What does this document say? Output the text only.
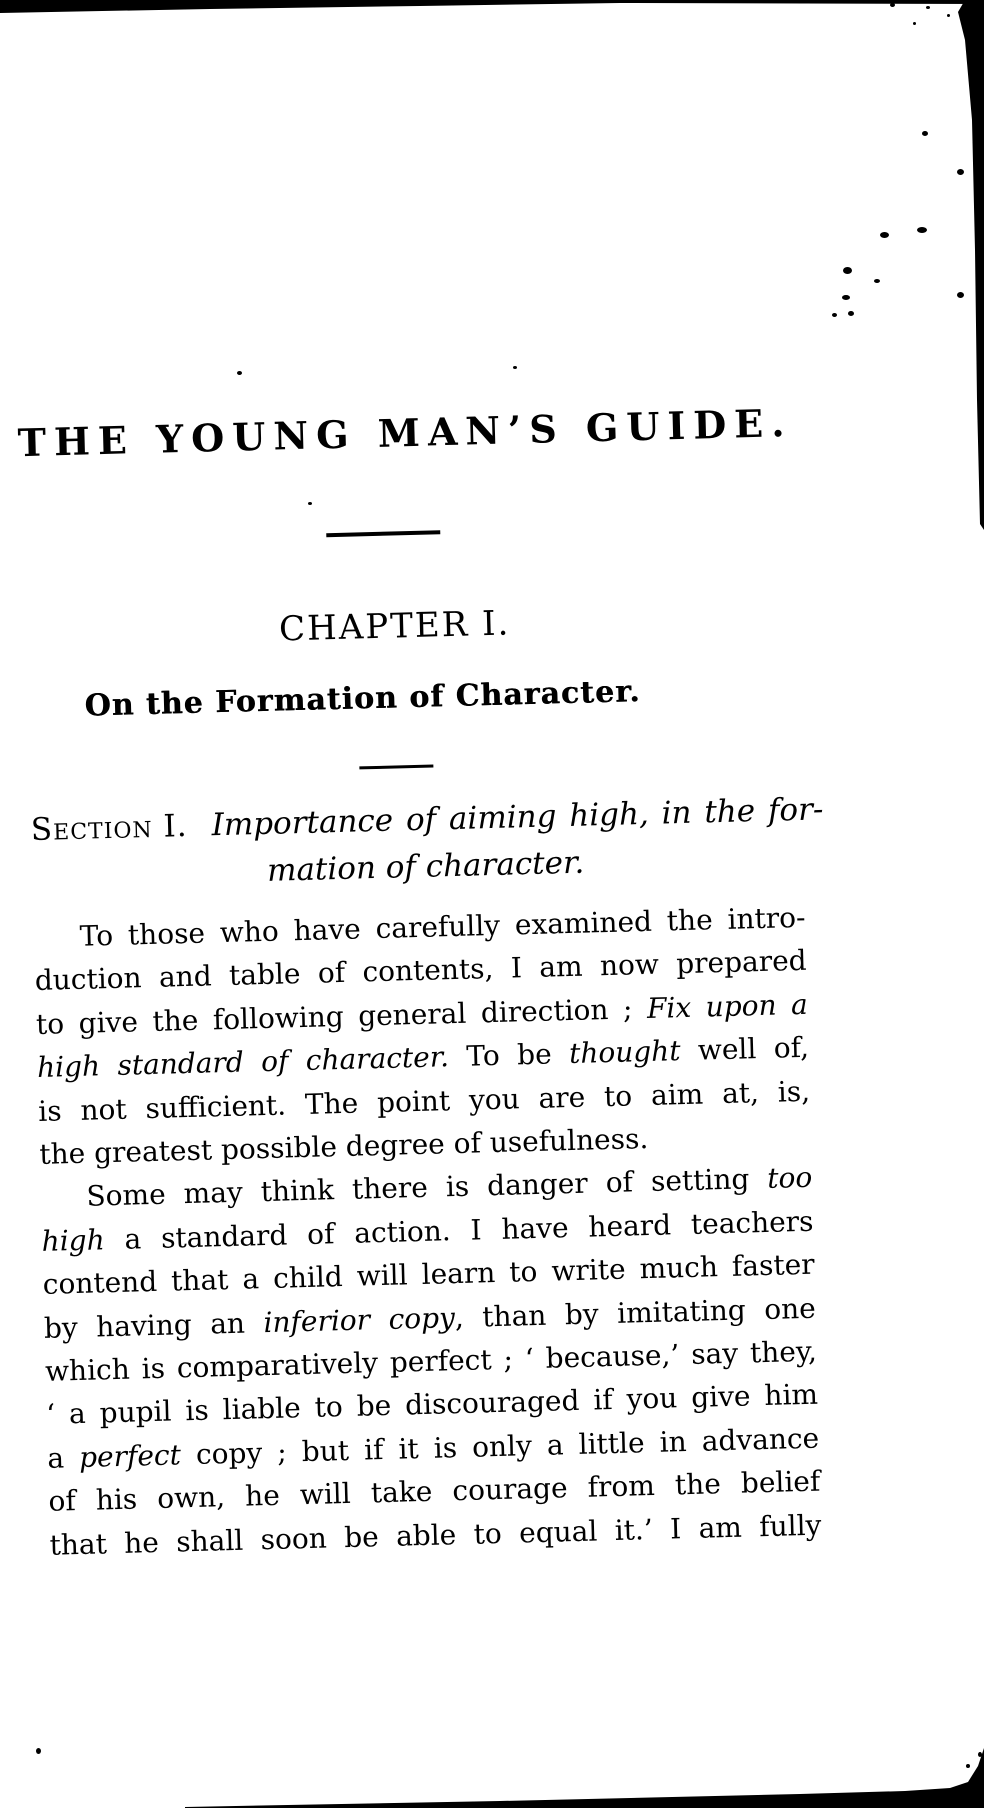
THE YOUNG MAN’S GUIDE.
CHAPTER I.
On the Formation of Character.
Section I. Importance of aiming high, in the for-
mation of character.
To those who have carefully examined the intro-
duction and table of contents, I am now prepared
to give the following general direction ; Fix upon a
high standard of character. To be thought well of,
is not sufficient. The point you are to aim at, is,
the greatest possible degree of usefulness.
Some may think there is danger of setting too
high a standard of action. I have heard teachers
contend that a child will learn to write much faster
by having an inferior copy, than by imitating one
which is comparatively perfect ; ‘ because,’ say they,
‘ a pupil is liable to be discouraged if you give him
a perfect copy ; but if it is only a little in advance
of his own, he will take courage from the belief
that he shall soon be able to equal it.’ I am fully
